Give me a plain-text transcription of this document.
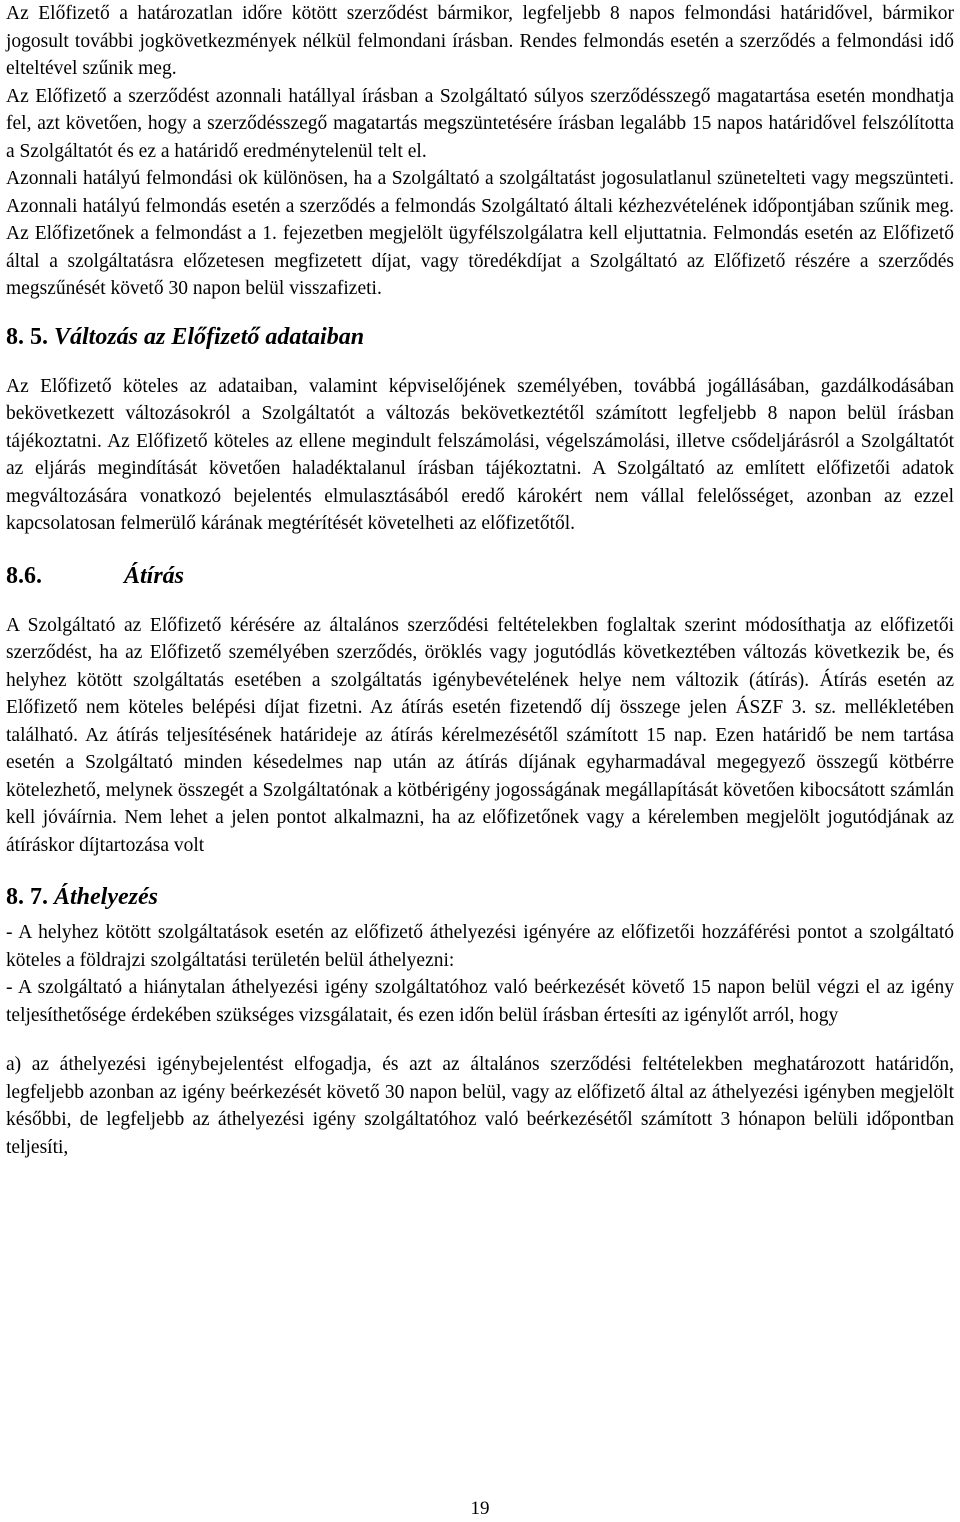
Az Előfizető a határozatlan időre kötött szerződést bármikor, legfeljebb 8 napos felmondási határidővel, bármikor jogosult további jogkövetkezmények nélkül felmondani írásban. Rendes felmondás esetén a szerződés a felmondási idő elteltével szűnik meg.

Az Előfizető a szerződést azonnali hatállyal írásban a Szolgáltató súlyos szerződésszegő magatartása esetén mondhatja fel, azt követően, hogy a szerződésszegő magatartás megszüntetésére írásban legalább 15 napos határidővel felszólította a Szolgáltatót és ez a határidő eredménytelenül telt el.

Azonnali hatályú felmondási ok különösen, ha a Szolgáltató a szolgáltatást jogosulatlanul szünetelteti vagy megszünteti. Azonnali hatályú felmondás esetén a szerződés a felmondás Szolgáltató általi kézhezvételének időpontjában szűnik meg. Az Előfizetőnek a felmondást a 1. fejezetben megjelölt ügyfélszolgálatra kell eljuttatnia. Felmondás esetén az Előfizető által a szolgáltatásra előzetesen megfizetett díjat, vagy töredékdíjat a Szolgáltató az Előfizető részére a szerződés megszűnését követő 30 napon belül visszafizeti.

8. 5. Változás az Előfizető adataiban

Az Előfizető köteles az adataiban, valamint képviselőjének személyében, továbbá jogállásában, gazdálkodásában bekövetkezett változásokról a Szolgáltatót a változás bekövetkeztétől számított legfeljebb 8 napon belül írásban tájékoztatni. Az Előfizető köteles az ellene megindult felszámolási, végelszámolási, illetve csődeljárásról a Szolgáltatót az eljárás megindítását követően haladéktalanul írásban tájékoztatni. A Szolgáltató az említett előfizetői adatok megváltozására vonatkozó bejelentés elmulasztásából eredő károkért nem vállal felelősséget, azonban az ezzel kapcsolatosan felmerülő kárának megtérítését követelheti az előfizetőtől.

8.6.	Átírás

A Szolgáltató az Előfizető kérésére az általános szerződési feltételekben foglaltak szerint módosíthatja az előfizetői szerződést, ha az Előfizető személyében szerződés, öröklés vagy jogutódlás következtében változás következik be, és helyhez kötött szolgáltatás esetében a szolgáltatás igénybevételének helye nem változik (átírás). Átírás esetén az Előfizető nem köteles belépési díjat fizetni. Az átírás esetén fizetendő díj összege jelen ÁSZF 3. sz. mellékletében található. Az átírás teljesítésének határideje az átírás kérelmezésétől számított 15 nap. Ezen határidő be nem tartása esetén a Szolgáltató minden késedelmes nap után az átírás díjának egyharmadával megegyező összegű kötbérre kötelezhető, melynek összegét a Szolgáltatónak a kötbérigény jogosságának megállapítását követően kibocsátott számlán kell jóváírnia. Nem lehet a jelen pontot alkalmazni, ha az előfizetőnek vagy a kérelemben megjelölt jogutódjának az átíráskor díjtartozása volt

8. 7. Áthelyezés

- A helyhez kötött szolgáltatások esetén az előfizető áthelyezési igényére az előfizetői hozzáférési pontot a szolgáltató köteles a földrajzi szolgáltatási területén belül áthelyezni:

- A szolgáltató a hiánytalan áthelyezési igény szolgáltatóhoz való beérkezését követő 15 napon belül végzi el az igény teljesíthetősége érdekében szükséges vizsgálatait, és ezen időn belül írásban értesíti az igénylőt arról, hogy

a) az áthelyezési igénybejelentést elfogadja, és azt az általános szerződési feltételekben meghatározott határidőn, legfeljebb azonban az igény beérkezését követő 30 napon belül, vagy az előfizető által az áthelyezési igényben megjelölt későbbi, de legfeljebb az áthelyezési igény szolgáltatóhoz való beérkezésétől számított 3 hónapon belüli időpontban teljesíti,

19
